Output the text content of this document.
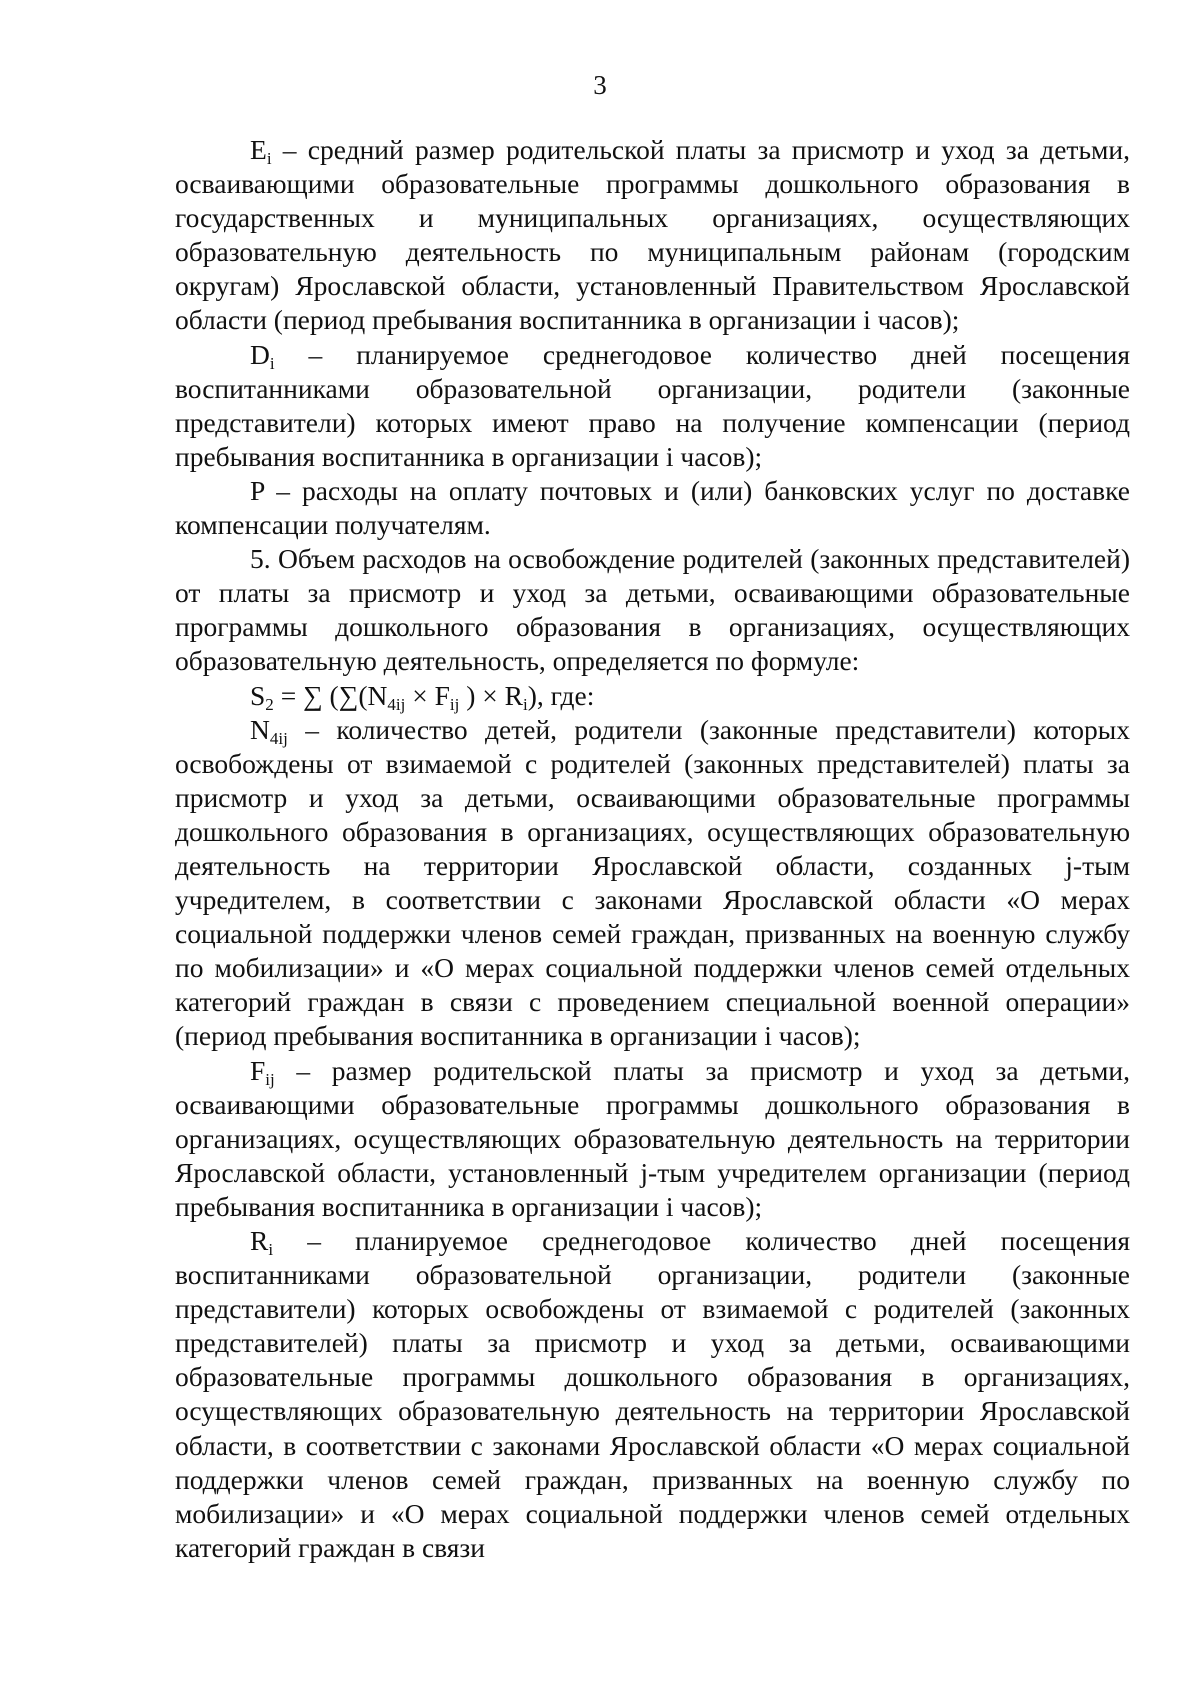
3

$E_i$ – средний размер родительской платы за присмотр и уход за детьми, осваивающими образовательные программы дошкольного образования в государственных и муниципальных организациях, осуществляющих образовательную деятельность по муниципальным районам (городским округам) Ярославской области, установленный Правительством Ярославской области (период пребывания воспитанника в организации i часов);

$D_i$ – планируемое среднегодовое количество дней посещения воспитанниками образовательной организации, родители (законные представители) которых имеют право на получение компенсации (период пребывания воспитанника в организации i часов);

P – расходы на оплату почтовых и (или) банковских услуг по доставке компенсации получателям.

5. Объем расходов на освобождение родителей (законных представителей) от платы за присмотр и уход за детьми, осваивающими образовательные программы дошкольного образования в организациях, осуществляющих образовательную деятельность, определяется по формуле:

$S_2$ = ∑ ($\sum(N_{4ij} \times F_{ij}$ ) × $R_i$), где:

$N_{4ij}$ – количество детей, родители (законные представители) которых освобождены от взимаемой с родителей (законных представителей) платы за присмотр и уход за детьми, осваивающими образовательные программы дошкольного образования в организациях, осуществляющих образовательную деятельность на территории Ярославской области, созданных j-тым учредителем, в соответствии с законами Ярославской области «О мерах социальной поддержки членов семей граждан, призванных на военную службу по мобилизации» и «О мерах социальной поддержки членов семей отдельных категорий граждан в связи с проведением специальной военной операции» (период пребывания воспитанника в организации i часов);

$F_{ij}$ – размер родительской платы за присмотр и уход за детьми, осваивающими образовательные программы дошкольного образования в организациях, осуществляющих образовательную деятельность на территории Ярославской области, установленный j-тым учредителем организации (период пребывания воспитанника в организации i часов);

$R_i$ – планируемое среднегодовое количество дней посещения воспитанниками образовательной организации, родители (законные представители) которых освобождены от взимаемой с родителей (законных представителей) платы за присмотр и уход за детьми, осваивающими образовательные программы дошкольного образования в организациях, осуществляющих образовательную деятельность на территории Ярославской области, в соответствии с законами Ярославской области «О мерах социальной поддержки членов семей граждан, призванных на военную службу по мобилизации» и «О мерах социальной поддержки членов семей отдельных категорий граждан в связи
